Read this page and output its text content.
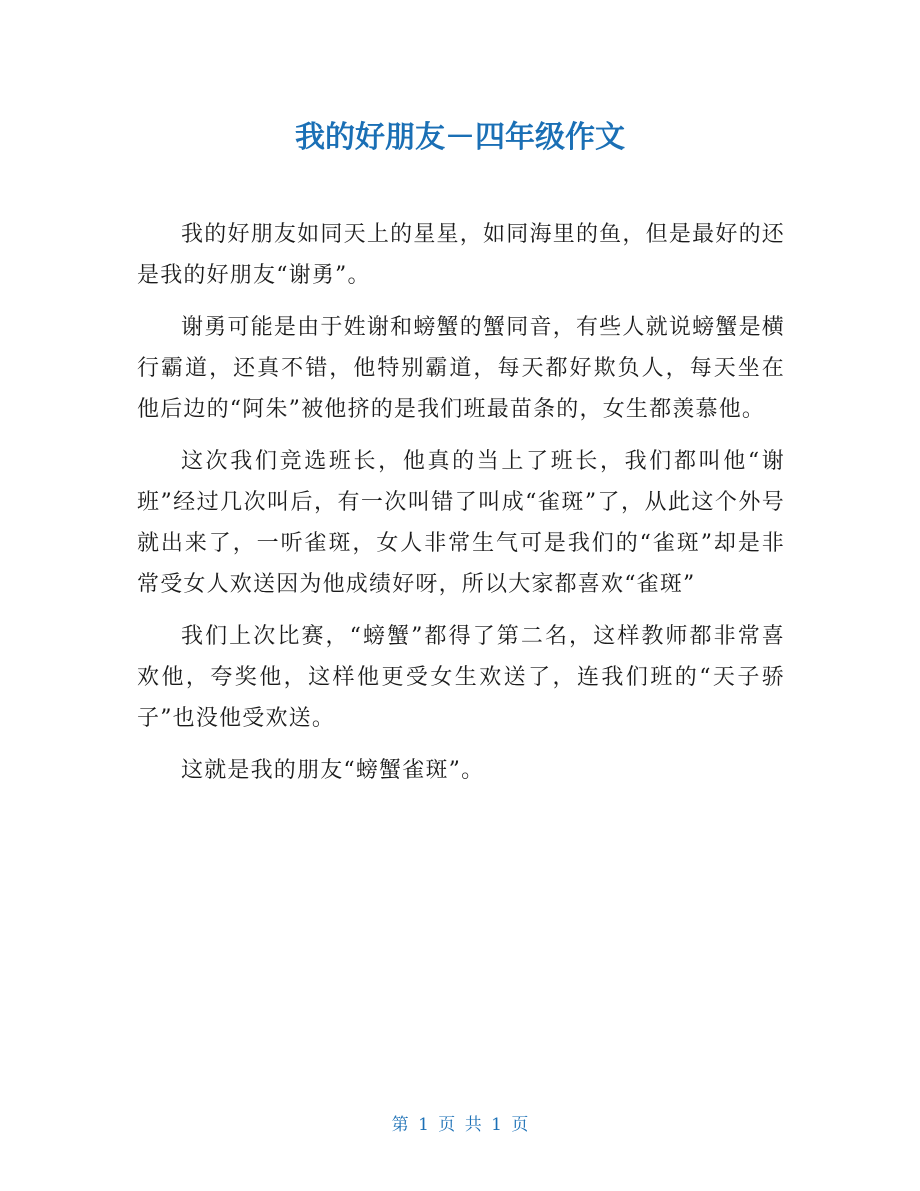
我的好朋友－四年级作文

我的好朋友如同天上的星星，如同海里的鱼，但是最好的还是我的好朋友“谢勇”。

谢勇可能是由于姓谢和螃蟹的蟹同音，有些人就说螃蟹是横行霸道，还真不错，他特别霸道，每天都好欺负人，每天坐在他后边的“阿朱”被他挤的是我们班最苗条的，女生都羡慕他。

这次我们竞选班长，他真的当上了班长，我们都叫他“谢班”经过几次叫后，有一次叫错了叫成“雀斑”了，从此这个外号就出来了，一听雀斑，女人非常生气可是我们的“雀斑”却是非常受女人欢送因为他成绩好呀，所以大家都喜欢“雀斑”

我们上次比赛，“螃蟹”都得了第二名，这样教师都非常喜欢他，夸奖他，这样他更受女生欢送了，连我们班的“天子骄子”也没他受欢送。

这就是我的朋友“螃蟹雀斑”。

第 1 页 共 1 页
